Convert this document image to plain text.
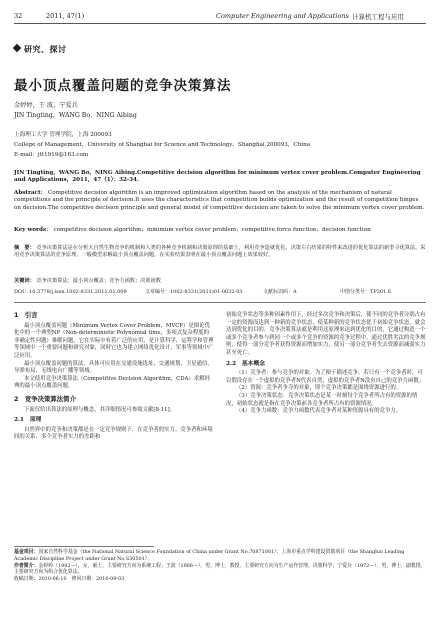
32	2011, 47(1)	Computer Engineering and Applications 计算机工程与应用
研究、探讨
最小顶点覆盖问题的竞争决策算法
金婷婷，王 波，宁爱兵
JIN Tingting，WANG Bo，NING Aibing
上海理工大学 管理学院，上海 200093
College of Management，University of Shanghai for Science and Technology，Shanghai 200093，China
E-mail：jtt1919@163.com
JIN Tingting，WANG Bo，NING Aibing.Competitive decision algorithm for minimum vertex cover problem.Computer Engineering and Applications，2011，47（1）：32-34.
Abstract： Competitive decision algorithm is an improved optimization algorithm based on the analysis of the mechanism of natural competitions and the principle of decision.It uses the characteristics that competition builds optimization and the result of competition hinges on decision.The competitive decision principle and general model of competitive decision are taken to solve the minimum vertex cover problem.
Key words： competitive decision algorithm；minimum vertex cover problem；competitive force function；decision function
摘　要： 竞争决策算法是在分析大自然生物竞争的机制和人类的各种竞争机制和决策原理的基础上，利用竞争造就优化、决策左右结果的特性来改进的优化算法的新型寻优算法。采用竞争决策算法的竞争原理、一般模型求解最小顶点覆盖问题，在实验结果表明在最小顶点覆盖问题上效果较好。
关键词： 竞争决策算法；最小顶点覆盖；竞争力函数；决策函数
DOI：10.3778/j.issn.1002-8331.2011.01.009	文章编号：1002-8331(2011)01-0032-03	文献标识码：A	中图分类号：TP301.6
1　引言

最小顶点覆盖问题（Minimum Vertex Cover Problem，MVCP）是图论优化中的一个典型NP（Non-deterministic Polynomial time，多项式复杂程度的非确定性问题）难解问题，它在实际中有着广泛的应用，是计算科学、运筹学和管理等领域中一个重要问题和研究对象，同时它也为建立网络优化设计、军事等领域中广泛应用。

最小顶点覆盖问题的算法，具体可应用在交通设施选址、交通规划、卫星通信、导弹布局、无线电台广播等领域。

本文使用竞争决策算法（Competitive Decision Algorithm，CDA）求解经典的最小顶点覆盖问题。

2　竞争决策算法简介

下面仅给出算法的原理与概念，其详细情况可参阅文献[8-11]。

2.1　原理

自然界中的竞争和决策都是在一定竞争规则下，在竞争者的实力、竞争者和环境间的关系、多个竞争者实力的差距和

初始竞争状态等多种因素作用下，经过多次竞争和决策后，使不同的竞争者分别占有一定的资源而达到一种新的竞争状态，使某种新的竞争状态优于初始竞争状态，就会达到优化的目的。竞争决策算法就是利用这原理来达到优化的目的，它通过构造一个或多个竞争者参与到同一个或多个竞争的资源的竞争过程中，通过优胜劣汰的竞争规则，使得一部分竞争者获得资源而增加实力，使另一部分竞争者失去资源而减弱实力甚至死亡。

2.2　基本概念

（1）竞争者：参与竞争的对象。为了便于描述竞争，若只有一个竞争者时，可以假设存在一个虚拟的竞争者N代表自然，虚拟的竞争者N没有自己的竞争力函数。

（2）资源：竞争者争夺的对象，即个竞争决策都是围绕资源进行的。

（3）竞争决策状态：竞争决策状态是某一时刻每个竞争者所占有的资源的情况，初始状态就是指在竞争决策前各竞争者所占有的资源情况。

（4）竞争力函数：竞争力函数代表竞争者对某种资源具有的竞争力。

基金项目：国家自然科学基金（the National Natural Science Foundation of China under Grant No.70871081）；上海市重点学科建设资助项目（the Shanghai Leading Academic Discipline Project under Grant No.S30501）。

作者简介：金婷婷（1982—），女，硕士，主要研究方向为系统工程；王波（1966—），男，博士，教授，主要研究方向为生产运作管理、决策科学；宁爱兵（1972—），男，博士，副教授，主要研究方向为组合优化算法。

收稿日期：2010-06-10　 修回日期：2010-09-03
